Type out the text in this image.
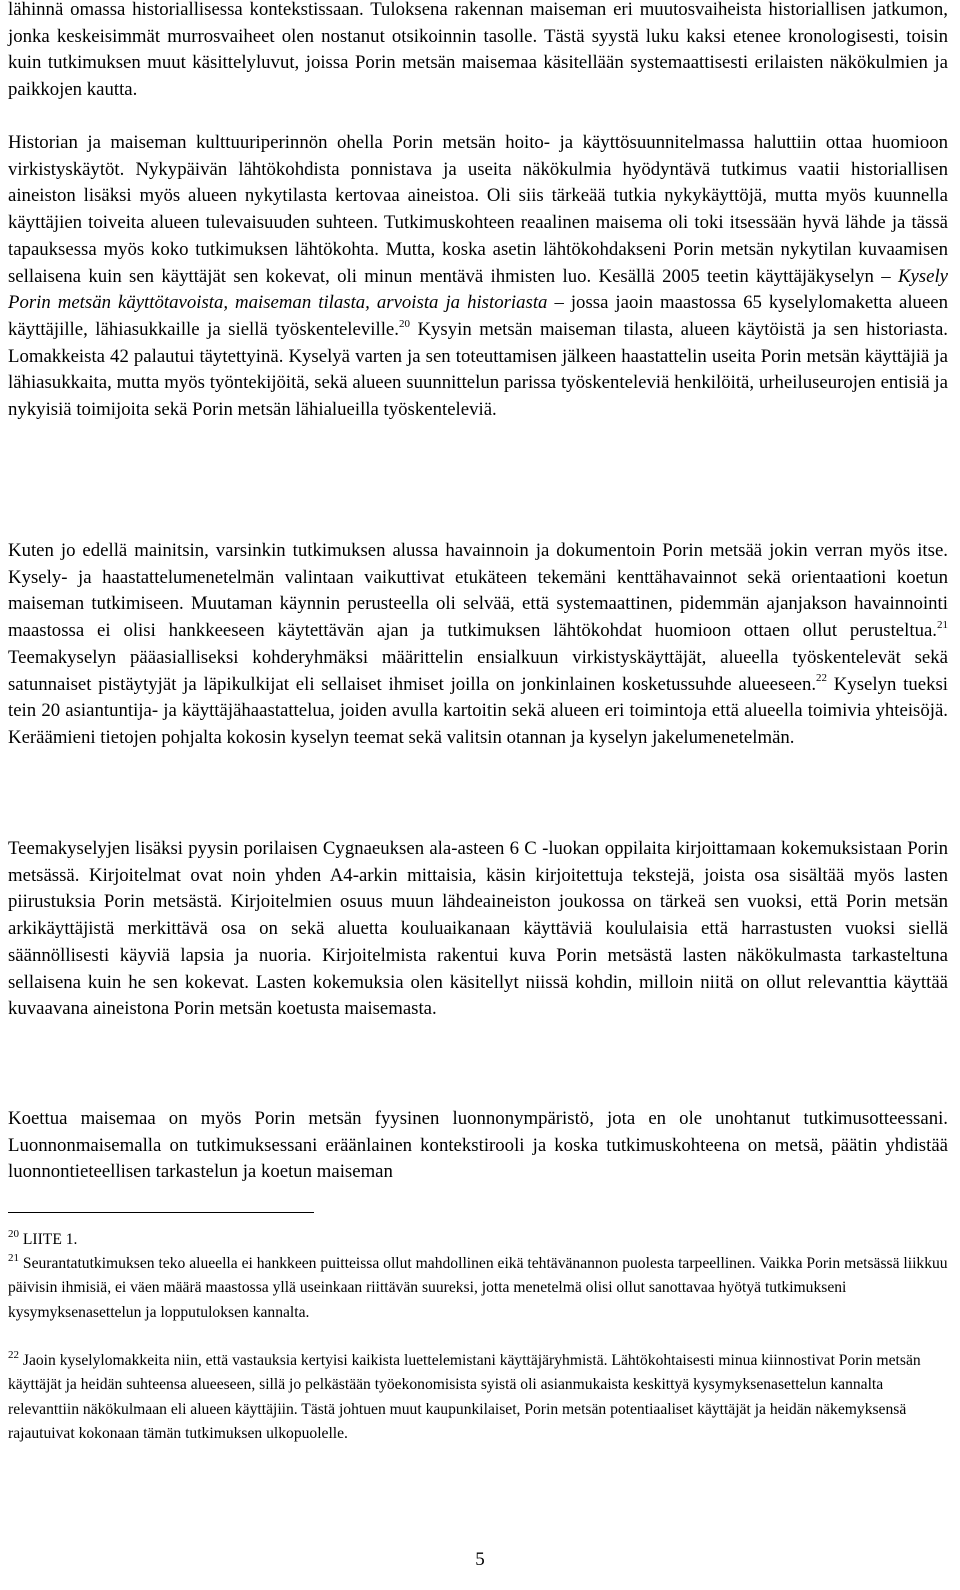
lähinnä omassa historiallisessa kontekstissaan. Tuloksena rakennan maiseman eri muutosvaiheista historiallisen jatkumon, jonka keskeisimmät murrosvaiheet olen nostanut otsikoinnin tasolle. Tästä syystä luku kaksi etenee kronologisesti, toisin kuin tutkimuksen muut käsittelyluvut, joissa Porin metsän maisemaa käsitellään systemaattisesti erilaisten näkökulmien ja paikkojen kautta.

Historian ja maiseman kulttuuriperinnön ohella Porin metsän hoito- ja käyttösuunnitelmassa haluttiin ottaa huomioon virkistyskäytöt. Nykypäivän lähtökohdista ponnistava ja useita näkökulmia hyödyntävä tutkimus vaatii historiallisen aineiston lisäksi myös alueen nykytilasta kertovaa aineistoa. Oli siis tärkeää tutkia nykykäyttöjä, mutta myös kuunnella käyttäjien toiveita alueen tulevaisuuden suhteen. Tutkimuskohteen reaalinen maisema oli toki itsessään hyvä lähde ja tässä tapauksessa myös koko tutkimuksen lähtökohta. Mutta, koska asetin lähtökohdakseni Porin metsän nykytilan kuvaamisen sellaisena kuin sen käyttäjät sen kokevat, oli minun mentävä ihmisten luo. Kesällä 2005 teetin käyttäjäkyselyn – Kysely Porin metsän käyttötavoista, maiseman tilasta, arvoista ja historiasta – jossa jaoin maastossa 65 kyselylomaketta alueen käyttäjille, lähiasukkaille ja siellä työskenteleville.$^{20}$ Kysyin metsän maiseman tilasta, alueen käytöistä ja sen historiasta. Lomakkeista 42 palautui täytettyinä. Kyselyä varten ja sen toteuttamisen jälkeen haastattelin useita Porin metsän käyttäjiä ja lähiasukkaita, mutta myös työntekijöitä, sekä alueen suunnittelun parissa työskenteleviä henkilöitä, urheiluseurojen entisiä ja nykyisiä toimijoita sekä Porin metsän lähialueilla työskenteleviä.

Kuten jo edellä mainitsin, varsinkin tutkimuksen alussa havainnoin ja dokumentoin Porin metsää jokin verran myös itse. Kysely- ja haastattelumenetelmän valintaan vaikuttivat etukäteen tekemäni kenttähavainnot sekä orientaationi koetun maiseman tutkimiseen. Muutaman käynnin perusteella oli selvää, että systemaattinen, pidemmän ajanjakson havainnointi maastossa ei olisi hankkeeseen käytettävän ajan ja tutkimuksen lähtökohdat huomioon ottaen ollut perusteltua.$^{21}$ Teemakyselyn pääasialliseksi kohderyhmäksi määrittelin ensialkuun virkistyskäyttäjät, alueella työskentelevät sekä satunnaiset pistäytyjät ja läpikulkijat eli sellaiset ihmiset joilla on jonkinlainen kosketussuhde alueeseen.$^{22}$ Kyselyn tueksi tein 20 asiantuntija- ja käyttäjähaastattelua, joiden avulla kartoitin sekä alueen eri toimintoja että alueella toimivia yhteisöjä. Keräämieni tietojen pohjalta kokosin kyselyn teemat sekä valitsin otannan ja kyselyn jakelumenetelmän.

Teemakyselyjen lisäksi pyysin porilaisen Cygnaeuksen ala-asteen 6 C -luokan oppilaita kirjoittamaan kokemuksistaan Porin metsässä. Kirjoitelmat ovat noin yhden A4-arkin mittaisia, käsin kirjoitettuja tekstejä, joista osa sisältää myös lasten piirustuksia Porin metsästä. Kirjoitelmien osuus muun lähdeaineiston joukossa on tärkeä sen vuoksi, että Porin metsän arkikäyttäjistä merkittävä osa on sekä aluetta kouluaikanaan käyttäviä koululaisia että harrastusten vuoksi siellä säännöllisesti käyviä lapsia ja nuoria. Kirjoitelmista rakentui kuva Porin metsästä lasten näkökulmasta tarkasteltuna sellaisena kuin he sen kokevat. Lasten kokemuksia olen käsitellyt niissä kohdin, milloin niitä on ollut relevanttia käyttää kuvaavana aineistona Porin metsän koetusta maisemasta.

Koettua maisemaa on myös Porin metsän fyysinen luonnonympäristö, jota en ole unohtanut tutkimusotteessani. Luonnonmaisemalla on tutkimuksessani eräänlainen kontekstirooli ja koska tutkimuskohteena on metsä, päätin yhdistää luonnontieteellisen tarkastelun ja koetun maiseman

$^{20}$ LIITE 1.

$^{21}$ Seurantatutkimuksen teko alueella ei hankkeen puitteissa ollut mahdollinen eikä tehtävänannon puolesta tarpeellinen. Vaikka Porin metsässä liikkuu päivisin ihmisiä, ei väen määrä maastossa yllä useinkaan riittävän suureksi, jotta menetelmä olisi ollut sanottavaa hyötyä tutkimukseni kysymyksenasettelun ja lopputuloksen kannalta.

$^{22}$ Jaoin kyselylomakkeita niin, että vastauksia kertyisi kaikista luettelemistani käyttäjäryhmistä. Lähtökohtaisesti minua kiinnostivat Porin metsän käyttäjät ja heidän suhteensa alueeseen, sillä jo pelkästään työekonomisista syistä oli asianmukaista keskittyä kysymyksenasettelun kannalta relevanttiin näkökulmaan eli alueen käyttäjiin. Tästä johtuen muut kaupunkilaiset, Porin metsän potentiaaliset käyttäjät ja heidän näkemyksensä rajautuivat kokonaan tämän tutkimuksen ulkopuolelle.

5
